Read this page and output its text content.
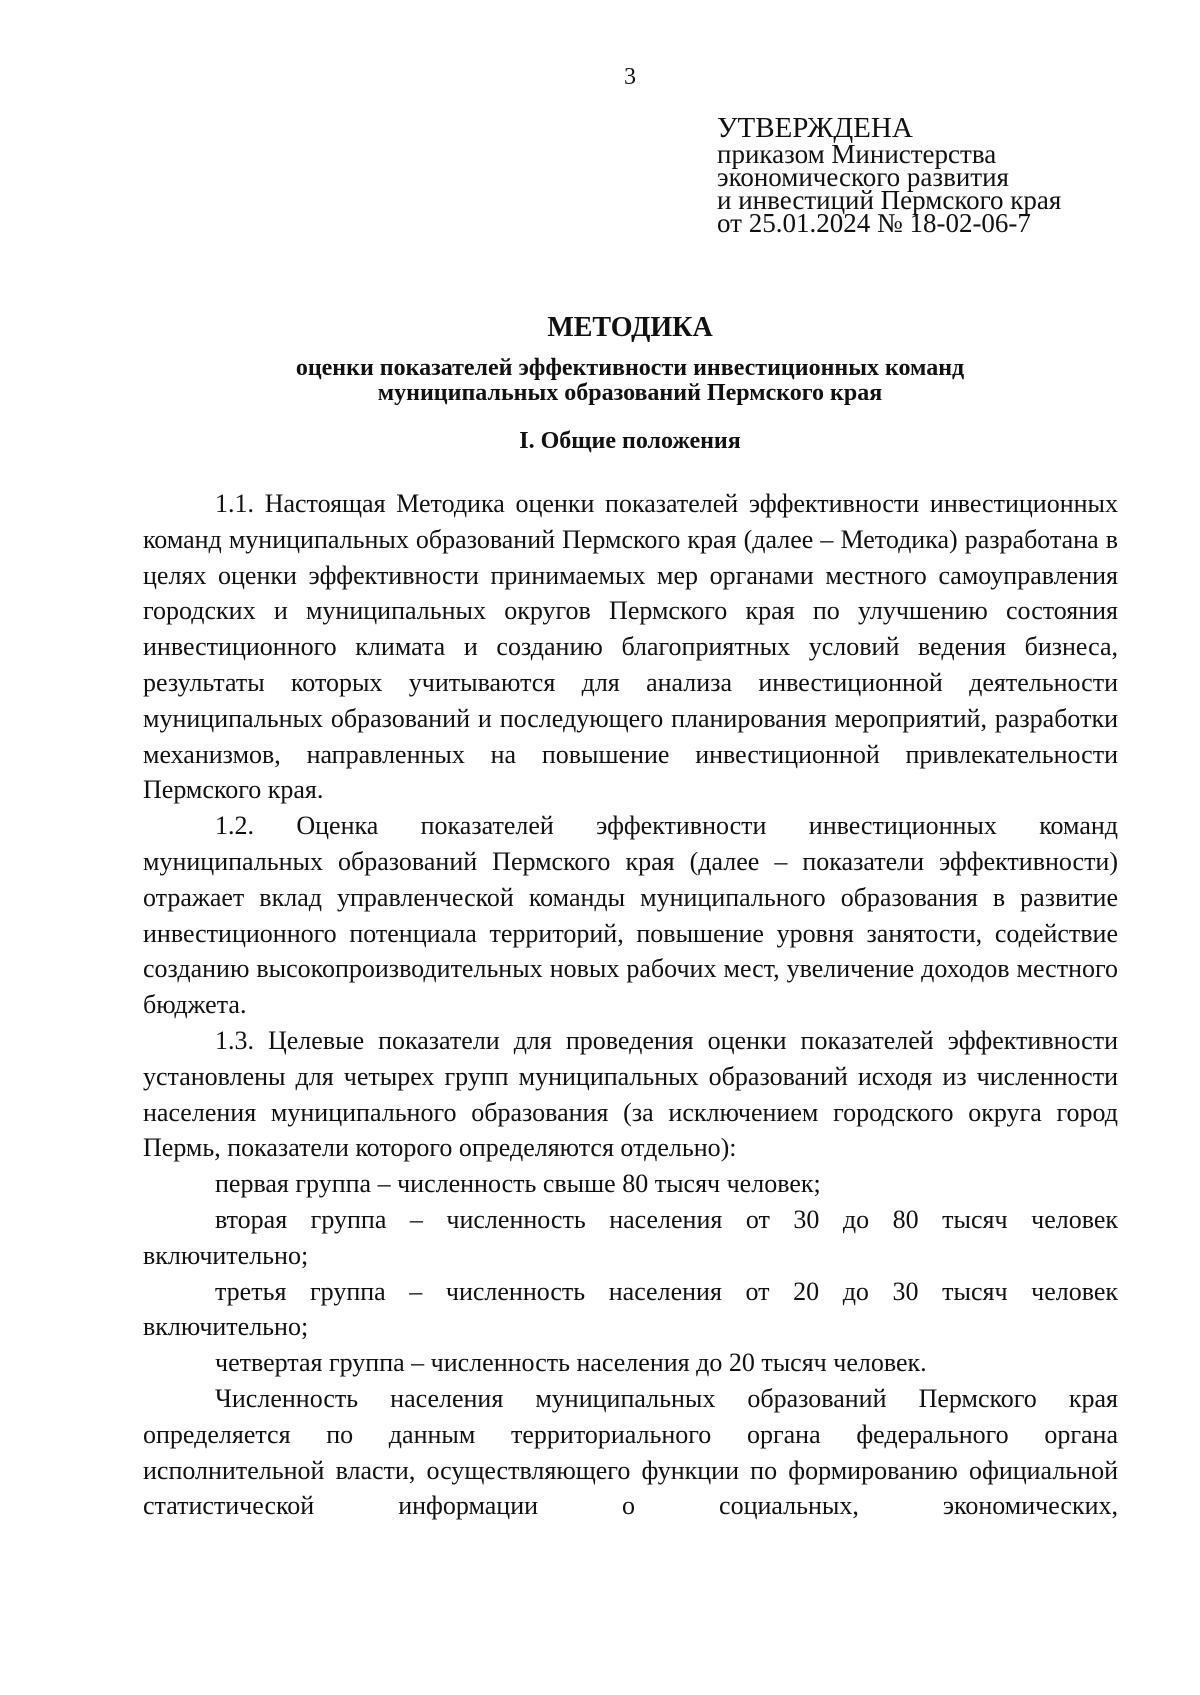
3
УТВЕРЖДЕНА
приказом Министерства
экономического развития
и инвестиций Пермского края
от 25.01.2024 № 18-02-06-7
МЕТОДИКА
оценки показателей эффективности инвестиционных команд
муниципальных образований Пермского края
I. Общие положения

1.1. Настоящая Методика оценки показателей эффективности инвестиционных команд муниципальных образований Пермского края (далее – Методика) разработана в целях оценки эффективности принимаемых мер органами местного самоуправления городских и муниципальных округов Пермского края по улучшению состояния инвестиционного климата и созданию благоприятных условий ведения бизнеса, результаты которых учитываются для анализа инвестиционной деятельности муниципальных образований и последующего планирования мероприятий, разработки механизмов, направленных на повышение инвестиционной привлекательности Пермского края.

1.2. Оценка показателей эффективности инвестиционных команд муниципальных образований Пермского края (далее – показатели эффективности) отражает вклад управленческой команды муниципального образования в развитие инвестиционного потенциала территорий, повышение уровня занятости, содействие созданию высокопроизводительных новых рабочих мест, увеличение доходов местного бюджета.

1.3. Целевые показатели для проведения оценки показателей эффективности установлены для четырех групп муниципальных образований исходя из численности населения муниципального образования (за исключением городского округа город Пермь, показатели которого определяются отдельно):

первая группа – численность свыше 80 тысяч человек;

вторая группа – численность населения от 30 до 80 тысяч человек включительно;

третья группа – численность населения от 20 до 30 тысяч человек включительно;

четвертая группа – численность населения до 20 тысяч человек.

Численность населения муниципальных образований Пермского края определяется по данным территориального органа федерального органа исполнительной власти, осуществляющего функции по формированию официальной статистической информации о социальных, экономических,
